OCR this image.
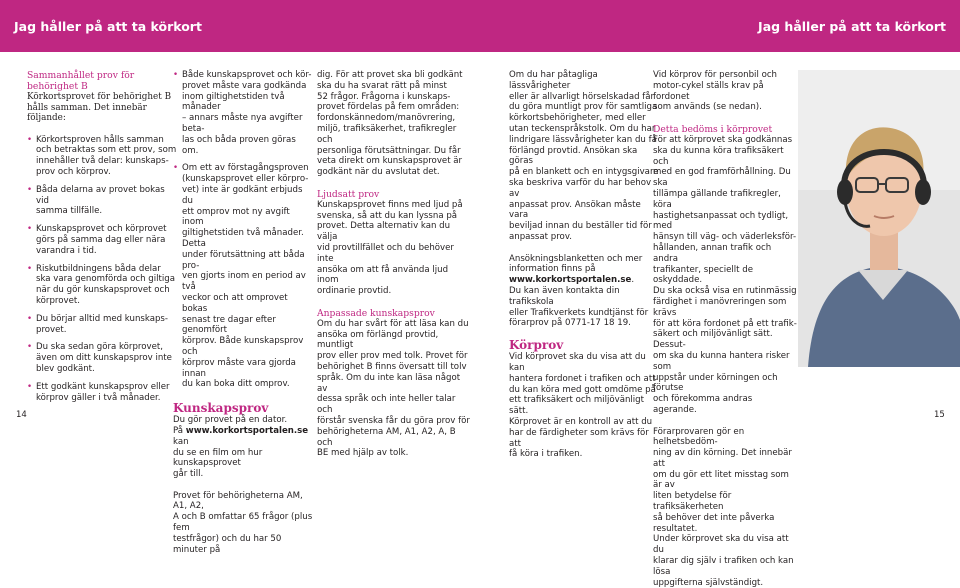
Jag håller på att ta körkort	Jag håller på att ta körkort
Sammanhållet prov för
behörighet B
Körkortsprovet för behörighet B
hålls samman. Det innebär följande:
• Körkortsproven hålls samman
och betraktas som ett prov, som
innehåller två delar: kunskaps-
prov och körprov.
• Båda delarna av provet bokas vid
samma tillfälle.
• Kunskapsprovet och körprovet
görs på samma dag eller nära
varandra i tid.
• Riskutbildningens båda delar
ska vara genomförda och giltiga
när du gör kunskapsprovet och
körprovet.
• Du börjar alltid med kunskaps-
provet.
• Du ska sedan göra körprovet,
även om ditt kunskapsprov inte
blev godkänt.
• Ett godkänt kunskapsprov eller
körprov gäller i två månader.
• Både kunskapsprovet och kör-
provet måste vara godkända
inom giltighetstiden två månader
– annars måste nya avgifter beta-
las och båda proven göras om.
• Om ett av förstagångsproven
(kunskapsprovet eller körpro-
vet) inte är godkänt erbjuds du
ett omprov mot ny avgift inom
giltighetstiden två månader. Detta
under förutsättning att båda pro-
ven gjorts inom en period av två
veckor och att omprovet bokas
senast tre dagar efter genomfört
körprov. Både kunskapsprov och
körprov måste vara gjorda innan
du kan boka ditt omprov.
Kunskapsprov

Du gör provet på en dator.

På www.korkortsportalen.se kan

du se en film om hur kunskapsprovet

går till.

Provet för behörigheterna AM, A1, A2,

A och B omfattar 65 frågor (plus fem

testfrågor) och du har 50 minuter på

dig. För att provet ska bli godkänt

ska du ha svarat rätt på minst

52 frågor. Frågorna i kunskaps-

provet fördelas på fem områden:

fordonskännedom/manövrering,

miljö, trafiksäkerhet, trafikregler och

personliga förutsättningar. Du får

veta direkt om kunskapsprovet är

godkänt när du avslutat det.

Ljudsatt prov

Kunskapsprovet finns med ljud på

svenska, så att du kan lyssna på

provet. Detta alternativ kan du välja

vid provtillfället och du behöver inte

ansöka om att få använda ljud inom

ordinarie provtid.

Anpassade kunskapsprov

Om du har svårt för att läsa kan du

ansöka om förlängd provtid, muntligt

prov eller prov med tolk. Provet för

behörighet B finns översatt till tolv

språk. Om du inte kan läsa något av

dessa språk och inte heller talar och

förstår svenska får du göra prov för

behörigheterna AM, A1, A2, A, B och

BE med hjälp av tolk.

Om du har påtagliga lässvårigheter

eller är allvarligt hörselskadad får

du göra muntligt prov för samtliga

körkortsbehörigheter, med eller

utan teckenspråkstolk. Om du har

lindrigare lässvårigheter kan du få

förlängd provtid. Ansökan ska göras

på en blankett och en intygsgivare

ska beskriva varför du har behov av

anpassat prov. Ansökan måste vara

beviljad innan du beställer tid för

anpassat prov.

Ansökningsblanketten och mer

information finns på

www.korkortsportalen.se.

Du kan även kontakta din trafikskola

eller Trafikverkets kundtjänst för

förarprov på 0771-17 18 19.

Körprov

Vid körprovet ska du visa att du kan

hantera fordonet i trafiken och att

du kan köra med gott omdöme på

ett trafiksäkert och miljövänligt sätt.

Körprovet är en kontroll av att du

har de färdigheter som krävs för att

få köra i trafiken.

Vid körprov för personbil och

motor-cykel ställs krav på fordonet

som används (se nedan).

Detta bedöms i körprovet

För att körprovet ska godkännas

ska du kunna köra trafiksäkert och

med en god framförhållning. Du ska

tillämpa gällande trafikregler, köra

hastighetsanpassat och tydligt, med

hänsyn till väg- och väderleksför-

hållanden, annan trafik och andra

trafikanter, speciellt de oskyddade.

Du ska också visa en rutinmässig

färdighet i manövreringen som krävs

för att köra fordonet på ett trafik-

säkert och miljövänligt sätt. Dessut-

om ska du kunna hantera risker som

uppstår under körningen och förutse

och förekomma andras agerande.

Förarprovaren gör en helhetsbedöm-

ning av din körning. Det innebär att

om du gör ett litet misstag som är av

liten betydelse för trafiksäkerheten

så behöver det inte påverka resultatet.

Under körprovet ska du visa att du

klarar dig själv i trafiken och kan lösa

uppgifterna självständigt.

14	15
